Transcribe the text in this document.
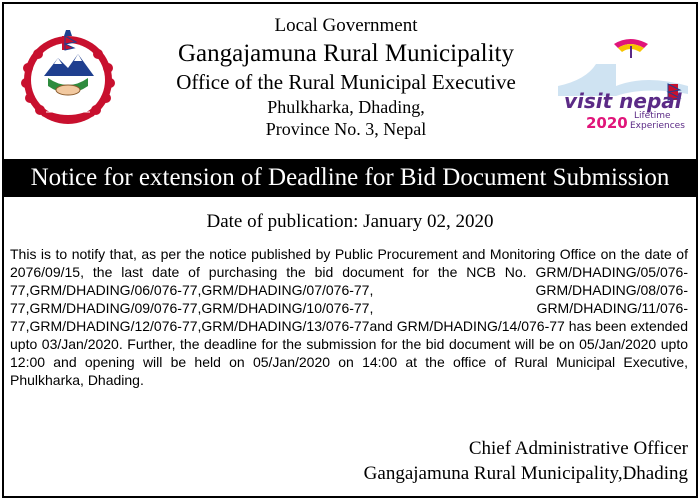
Local Government
Gangajamuna Rural Municipality
Office of the Rural Municipal Executive
Phulkharka, Dhading,
Province No. 3, Nepal
visit nepal
2020 Lifetime
Experiences
Notice for extension of Deadline for Bid Document Submission
Date of publication: January 02, 2020
This is to notify that, as per the notice published by Public Procurement and Monitoring Office on the date of 2076/09/15, the last date of purchasing the bid document for the NCB No. GRM/DHADING/05/076-77,GRM/DHADING/06/076-77,GRM/DHADING/07/076-77, GRM/DHADING/08/076-77,GRM/DHADING/09/076-77,GRM/DHADING/10/076-77, GRM/DHADING/11/076-77,GRM/DHADING/12/076-77,GRM/DHADING/13/076-77and GRM/DHADING/14/076-77 has been extended upto 03/Jan/2020. Further, the deadline for the submission for the bid document will be on 05/Jan/2020 upto 12:00 and opening will be held on 05/Jan/2020 on 14:00 at the office of Rural Municipal Executive, Phulkharka, Dhading.
Chief Administrative Officer
Gangajamuna Rural Municipality,Dhading
